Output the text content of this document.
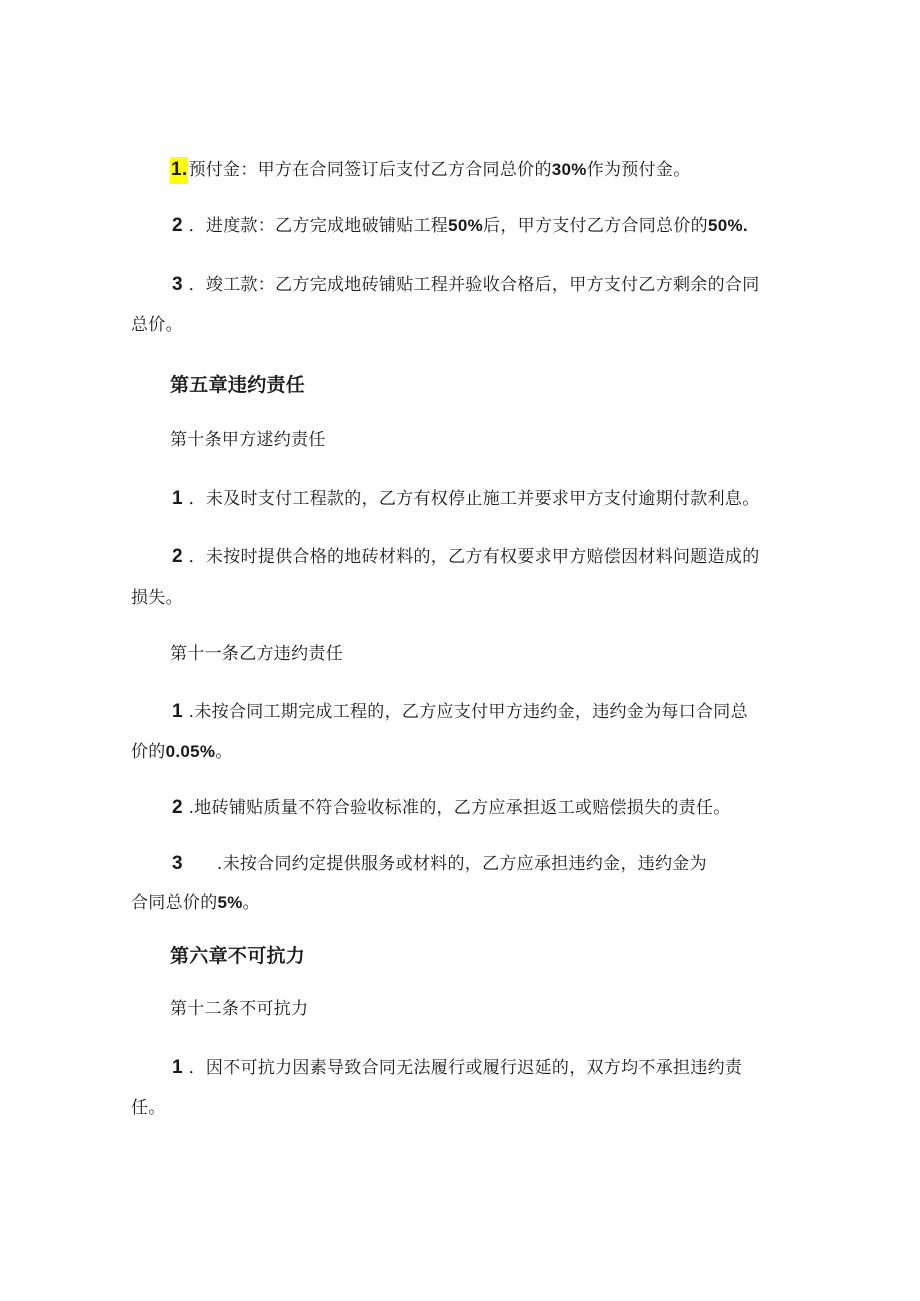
1.预付金：甲方在合同签订后支付乙方合同总价的30%作为预付金。
2 ．进度款：乙方完成地破铺贴工程50%后，甲方支付乙方合同总价的50%.
3 ．竣工款：乙方完成地砖铺贴工程并验收合格后，甲方支付乙方剩余的合同
总价。
第五章违约责任
第十条甲方逑约责任
1 ．未及时支付工程款的，乙方有权停止施工并要求甲方支付逾期付款利息。
2 ．未按时提供合格的地砖材料的，乙方有权要求甲方赔偿因材料问题造成的
损失。
第十一条乙方违约责任
1 .未按合同工期完成工程的，乙方应支付甲方违约金，违约金为每口合同总
价的0.05%。
2 .地砖铺贴质量不符合验收标准的，乙方应承担返工或赔偿损失的责任。
3 .未按合同约定提供服务或材料的，乙方应承担违约金，违约金为
合同总价的5%。
第六章不可抗力
第十二条不可抗力
1 ．因不可抗力因素导致合同无法履行或履行迟延的，双方均不承担违约责
任。
